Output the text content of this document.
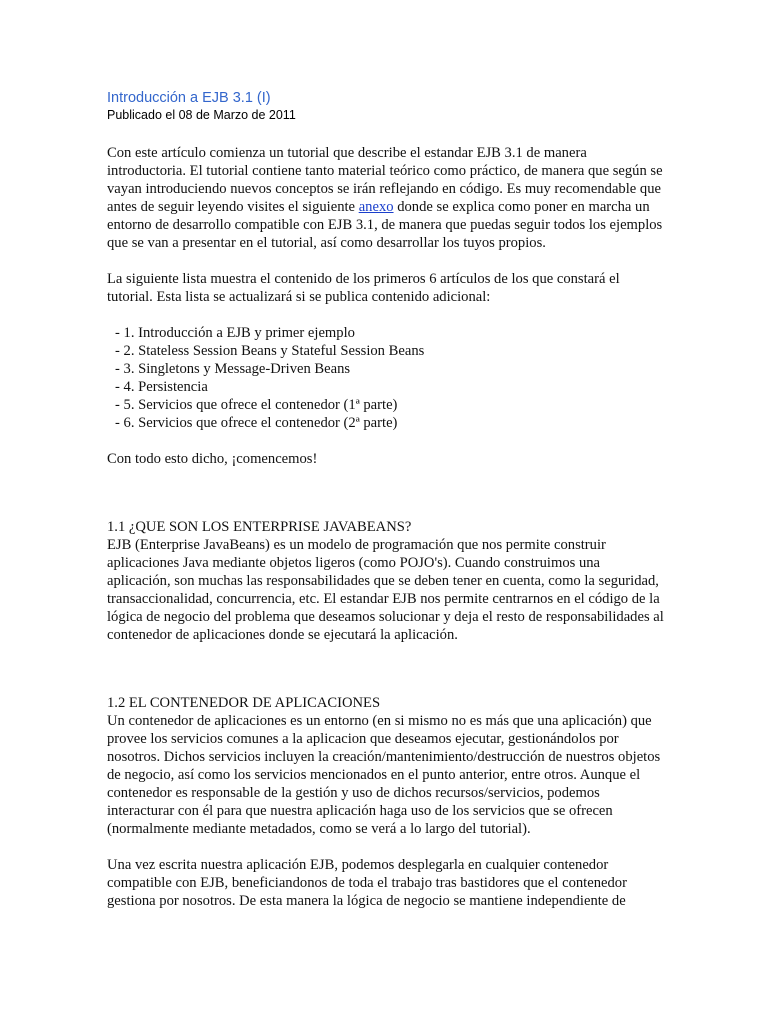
Introducción a EJB 3.1 (I)
Publicado el 08 de Marzo de 2011

Con este artículo comienza un tutorial que describe el estandar EJB 3.1 de manera introductoria. El tutorial contiene tanto material teórico como práctico, de manera que según se vayan introduciendo nuevos conceptos se irán reflejando en código. Es muy recomendable que antes de seguir leyendo visites el siguiente anexo donde se explica como poner en marcha un entorno de desarrollo compatible con EJB 3.1, de manera que puedas seguir todos los ejemplos que se van a presentar en el tutorial, así como desarrollar los tuyos propios.

La siguiente lista muestra el contenido de los primeros 6 artículos de los que constará el tutorial. Esta lista se actualizará si se publica contenido adicional:

- 1. Introducción a EJB y primer ejemplo
- 2. Stateless Session Beans y Stateful Session Beans
- 3. Singletons y Message-Driven Beans
- 4. Persistencia
- 5. Servicios que ofrece el contenedor (1ª parte)
- 6. Servicios que ofrece el contenedor (2ª parte)

Con todo esto dicho, ¡comencemos!

1.1 ¿QUE SON LOS ENTERPRISE JAVABEANS?

EJB (Enterprise JavaBeans) es un modelo de programación que nos permite construir aplicaciones Java mediante objetos ligeros (como POJO's). Cuando construimos una aplicación, son muchas las responsabilidades que se deben tener en cuenta, como la seguridad, transaccionalidad, concurrencia, etc. El estandar EJB nos permite centrarnos en el código de la lógica de negocio del problema que deseamos solucionar y deja el resto de responsabilidades al contenedor de aplicaciones donde se ejecutará la aplicación.

1.2 EL CONTENEDOR DE APLICACIONES

Un contenedor de aplicaciones es un entorno (en si mismo no es más que una aplicación) que provee los servicios comunes a la aplicacion que deseamos ejecutar, gestionándolos por nosotros. Dichos servicios incluyen la creación/mantenimiento/destrucción de nuestros objetos de negocio, así como los servicios mencionados en el punto anterior, entre otros. Aunque el contenedor es responsable de la gestión y uso de dichos recursos/servicios, podemos interacturar con él para que nuestra aplicación haga uso de los servicios que se ofrecen (normalmente mediante metadados, como se verá a lo largo del tutorial).

Una vez escrita nuestra aplicación EJB, podemos desplegarla en cualquier contenedor compatible con EJB, beneficiandonos de toda el trabajo tras bastidores que el contenedor gestiona por nosotros. De esta manera la lógica de negocio se mantiene independiente de
